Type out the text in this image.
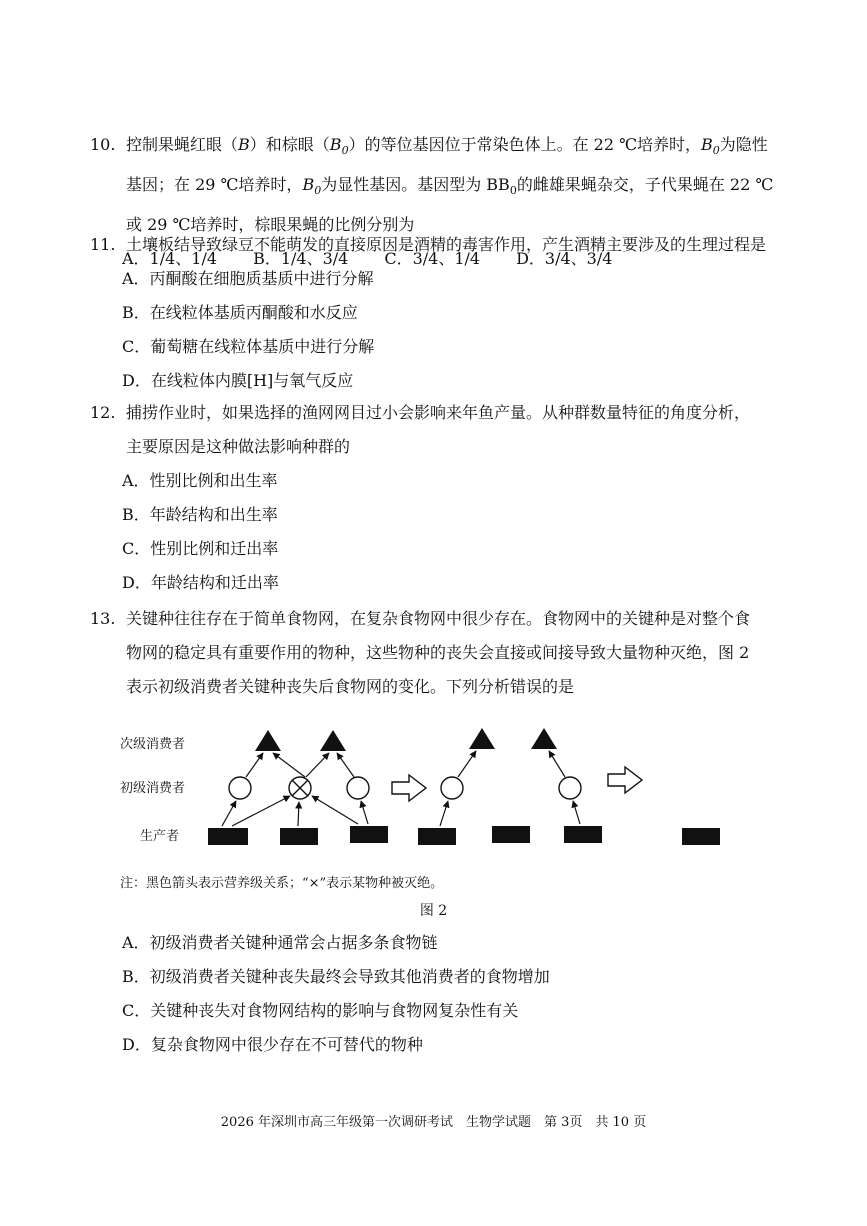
10. 控制果蝇红眼（B）和棕眼$(B_0)$的等位基因位于常染色体上。在 22 ℃培养时，$B_0$为隐性
基因；在 29 ℃培养时，$B_0$为显性基因。基因型为 $BB_0$的雌雄果蝇杂交，子代果蝇在 22 ℃
或 29 ℃培养时，棕眼果蝇的比例分别为
A．1/4、1/4 B．1/4、3/4 C．3/4、1/4 D．3/4、3/4
11. 土壤板结导致绿豆不能萌发的直接原因是酒精的毒害作用，产生酒精主要涉及的生理过程是
A．丙酮酸在细胞质基质中进行分解
B．在线粒体基质丙酮酸和水反应
C．葡萄糖在线粒体基质中进行分解
D．在线粒体内膜[H]与氧气反应
12. 捕捞作业时，如果选择的渔网网目过小会影响来年鱼产量。从种群数量特征的角度分析，
主要原因是这种做法影响种群的
A．性别比例和出生率
B．年龄结构和出生率
C．性别比例和迁出率
D．年龄结构和迁出率
13. 关键种往往存在于简单食物网，在复杂食物网中很少存在。食物网中的关键种是对整个食
物网的稳定具有重要作用的物种，这些物种的丧失会直接或间接导致大量物种灭绝，图 2
表示初级消费者关键种丧失后食物网的变化。下列分析错误的是
次级消费者
初级消费者
生产者
注：黑色箭头表示营养级关系；“×”表示某物种被灭绝。
图 2
A．初级消费者关键种通常会占据多条食物链
B．初级消费者关键种丧失最终会导致其他消费者的食物增加
C．关键种丧失对食物网结构的影响与食物网复杂性有关
D．复杂食物网中很少存在不可替代的物种
2026 年深圳市高三年级第一次调研考试　生物学试题　第 3页　共 10 页
